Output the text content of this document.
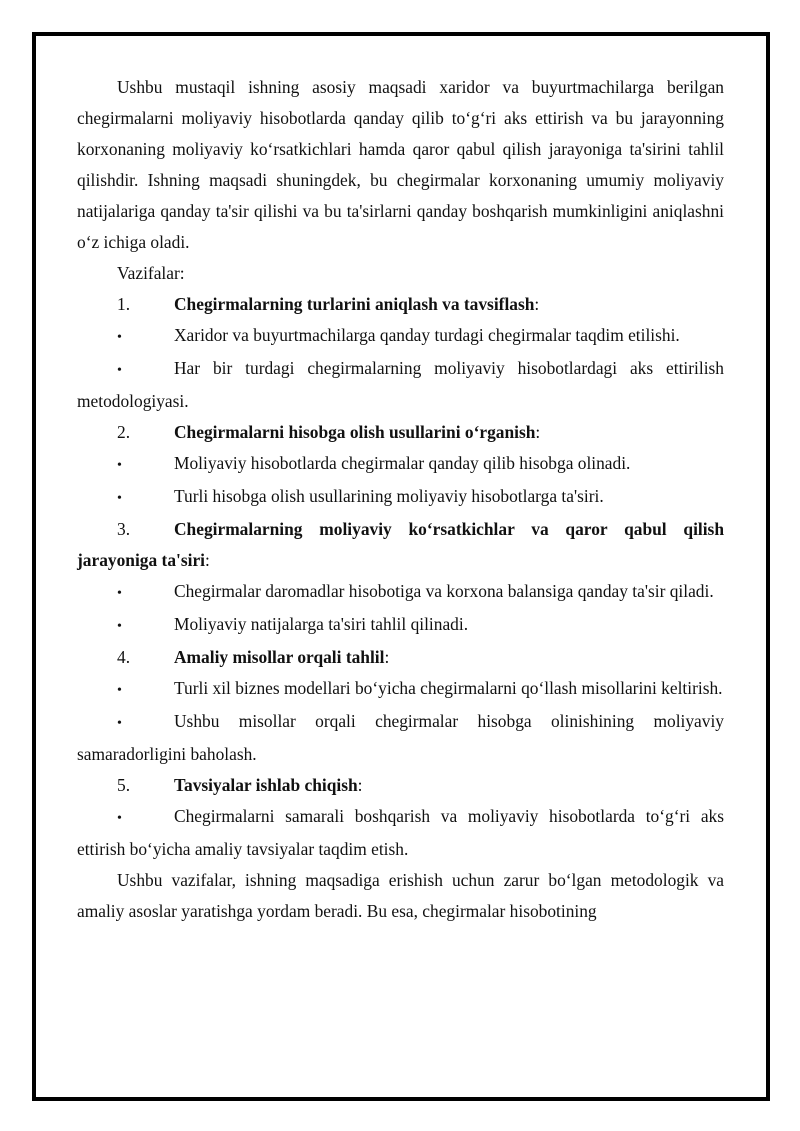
Ushbu mustaqil ishning asosiy maqsadi xaridor va buyurtmachilarga berilgan chegirmalarni moliyaviy hisobotlarda qanday qilib to‘g‘ri aks ettirish va bu jarayonning korxonaning moliyaviy ko‘rsatkichlari hamda qaror qabul qilish jarayoniga ta'sirini tahlil qilishdir. Ishning maqsadi shuningdek, bu chegirmalar korxonaning umumiy moliyaviy natijalariga qanday ta'sir qilishi va bu ta'sirlarni qanday boshqarish mumkinligini aniqlashni o‘z ichiga oladi.

Vazifalar:

1.	Chegirmalarning turlarini aniqlash va tavsiflash:

•	Xaridor va buyurtmachilarga qanday turdagi chegirmalar taqdim etilishi.

•	Har bir turdagi chegirmalarning moliyaviy hisobotlardagi aks ettirilish metodologiyasi.

2.	Chegirmalarni hisobga olish usullarini o‘rganish:

•	Moliyaviy hisobotlarda chegirmalar qanday qilib hisobga olinadi.

•	Turli hisobga olish usullarining moliyaviy hisobotlarga ta'siri.

3.	Chegirmalarning moliyaviy ko‘rsatkichlar va qaror qabul qilish jarayoniga ta'siri:

•	Chegirmalar daromadlar hisobotiga va korxona balansiga qanday ta'sir qiladi.

•	Moliyaviy natijalarga ta'siri tahlil qilinadi.

4.	Amaliy misollar orqali tahlil:

•	Turli xil biznes modellari bo‘yicha chegirmalarni qo‘llash misollarini keltirish.

•	Ushbu misollar orqali chegirmalar hisobga olinishining moliyaviy samaradorligini baholash.

5.	Tavsiyalar ishlab chiqish:

•	Chegirmalarni samarali boshqarish va moliyaviy hisobotlarda to‘g‘ri aks ettirish bo‘yicha amaliy tavsiyalar taqdim etish.

Ushbu vazifalar, ishning maqsadiga erishish uchun zarur bo‘lgan metodologik va amaliy asoslar yaratishga yordam beradi. Bu esa, chegirmalar hisobotining
